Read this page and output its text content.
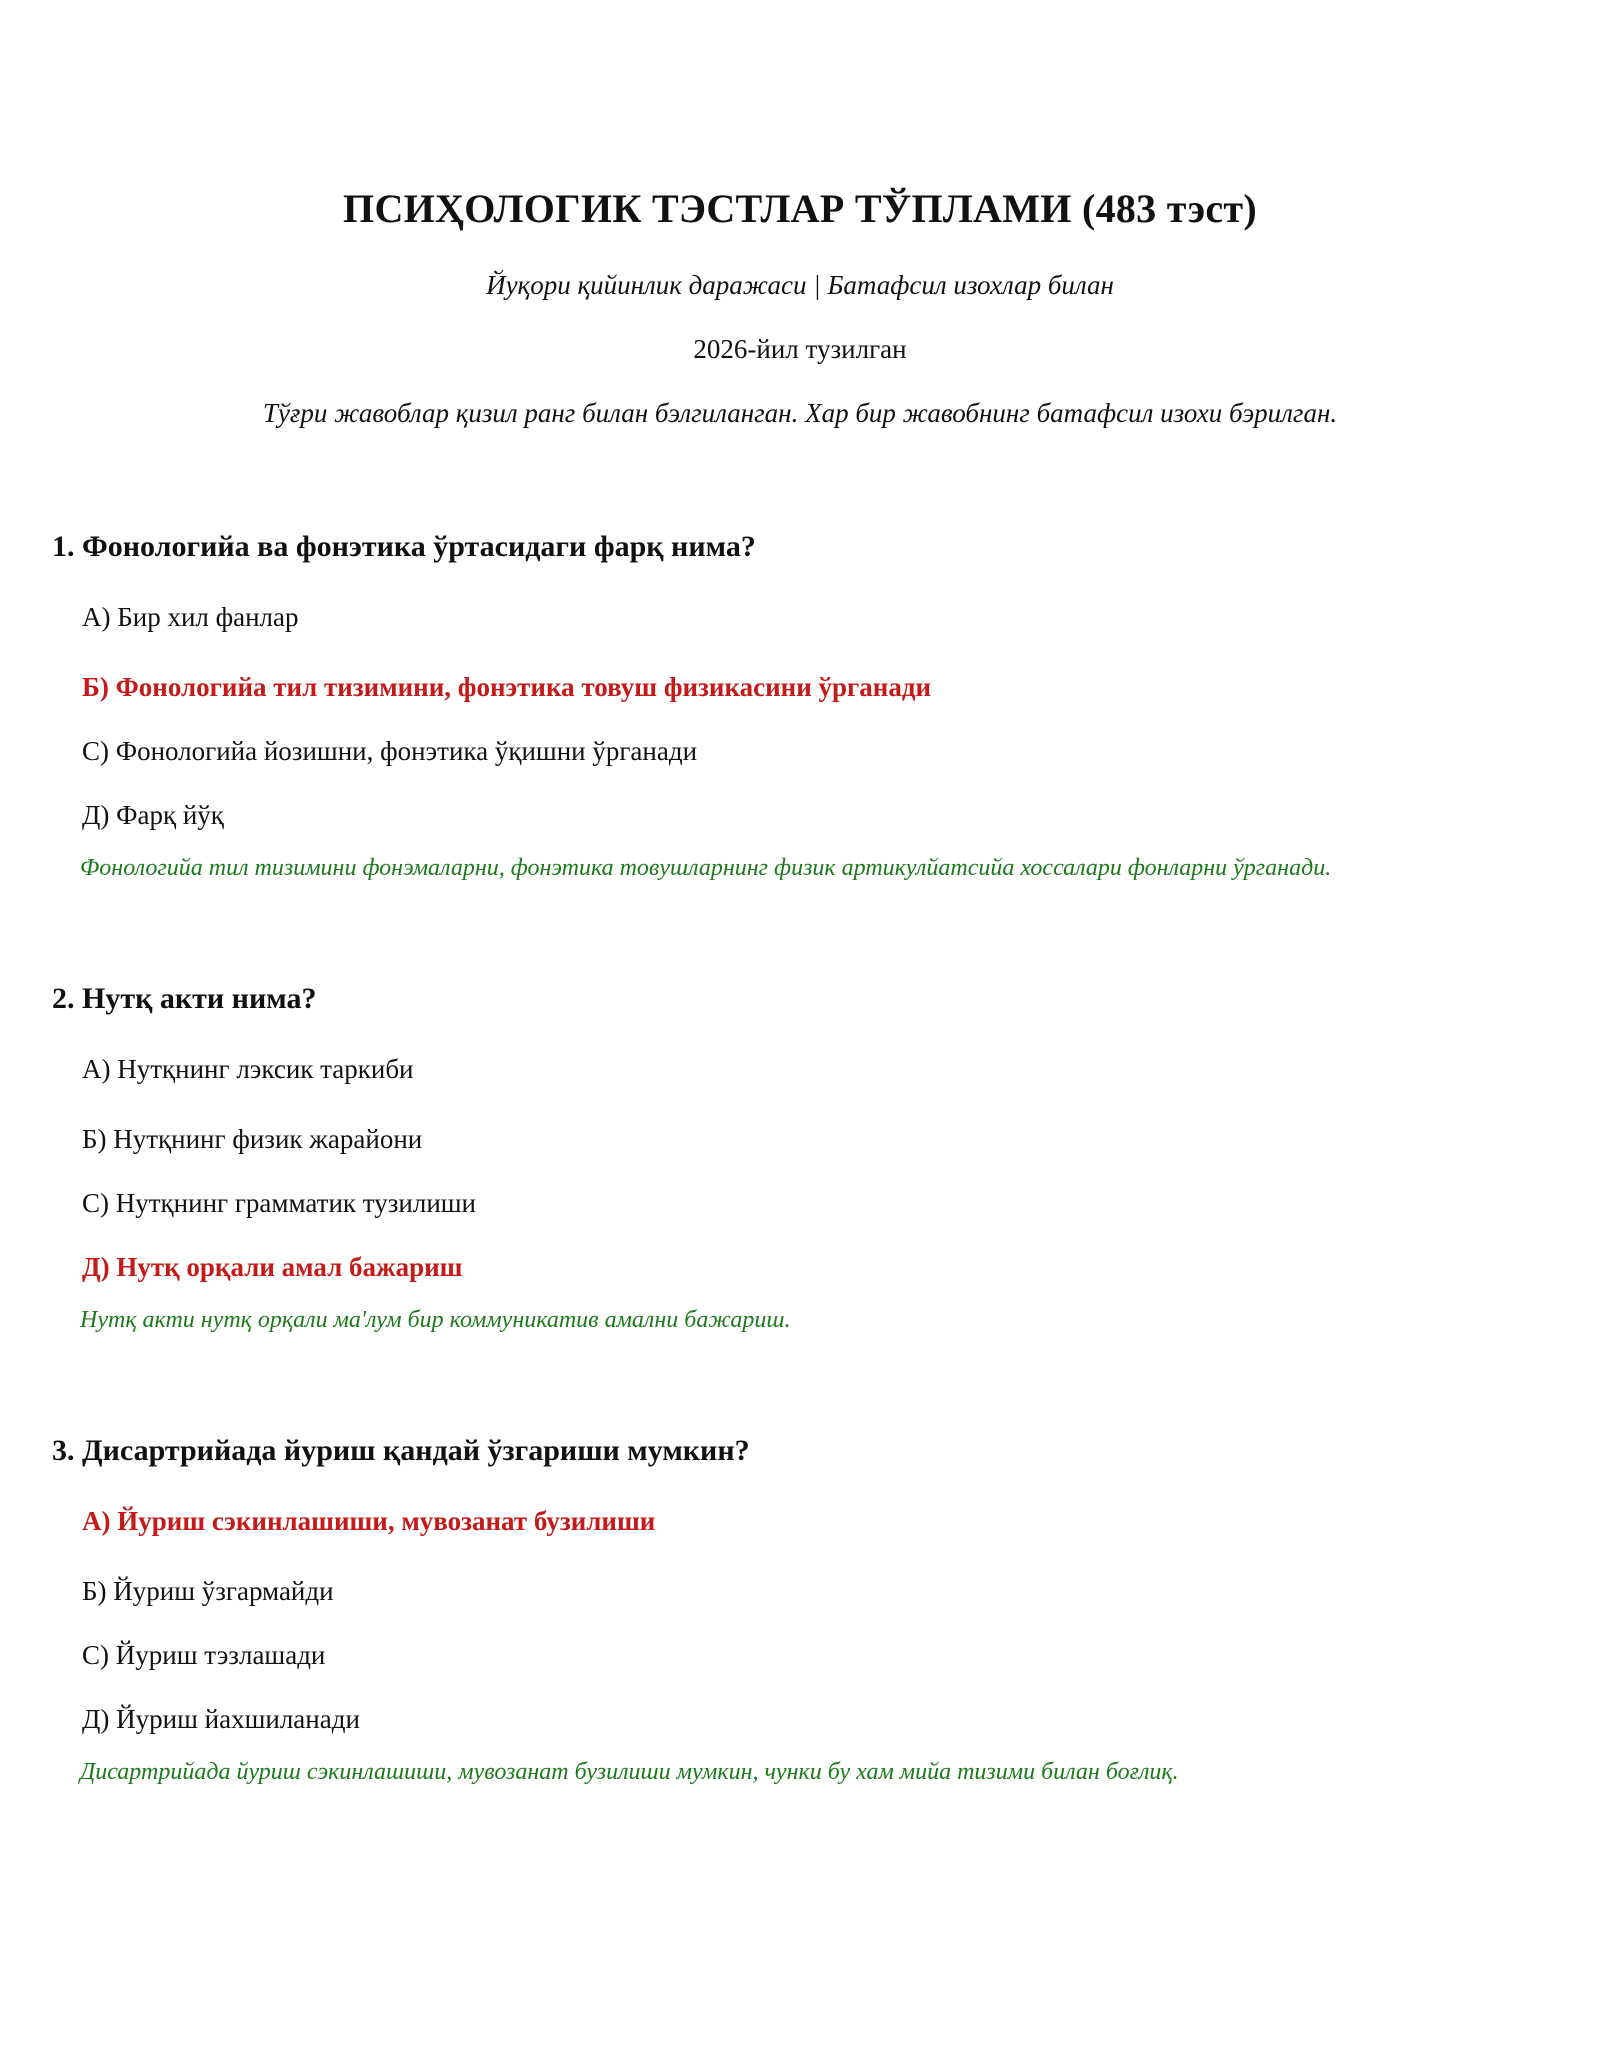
ПСИҲОЛОГИК ТЭСТЛАР ТЎПЛАМИ (483 тэст)
Йуқори қийинлик даражаси | Батафсил изохлар билан
2026-йил тузилган
Тўғри жавоблар қизил ранг билан бэлгиланган. Хар бир жавобнинг батафсил изохи бэрилган.
1. Фонологийа ва фонэтика ўртасидаги фарқ нима?
А) Бир хил фанлар
Б) Фонологийа тил тизимини, фонэтика товуш физикасини ўрганади
С) Фонологийа йозишни, фонэтика ўқишни ўрганади
Д) Фарқ йўқ
Фонологийа тил тизимини фонэмаларни, фонэтика товушларнинг физик артикулйатсийа хоссалари фонларни ўрганади.
2. Нутқ акти нима?
А) Нутқнинг лэксик таркиби
Б) Нутқнинг физик жарайони
С) Нутқнинг грамматик тузилиши
Д) Нутқ орқали амал бажариш
Нутқ акти нутқ орқали ма'лум бир коммуникатив амални бажариш.
3. Дисартрийада йуриш қандай ўзгариши мумкин?
А) Йуриш сэкинлашиши, мувозанат бузилиши
Б) Йуриш ўзгармайди
С) Йуриш тэзлашади
Д) Йуриш йахшиланади
Дисартрийада йуриш сэкинлашиши, мувозанат бузилиши мумкин, чунки бу хам мийа тизими билан боғлиқ.
